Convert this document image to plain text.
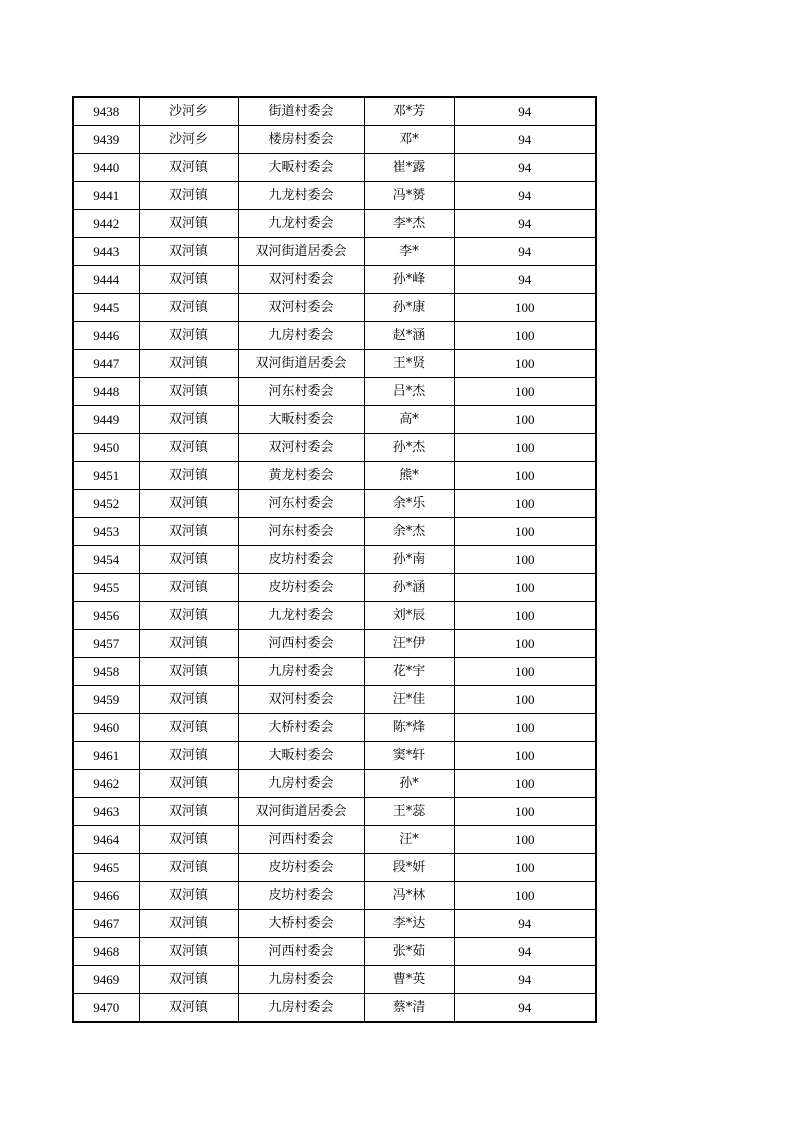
9438	沙河乡	街道村委会	邓*芳	94
9439	沙河乡	楼房村委会	邓*	94
9440	双河镇	大畈村委会	崔*露	94
9441	双河镇	九龙村委会	冯*赟	94
9442	双河镇	九龙村委会	李*杰	94
9443	双河镇	双河街道居委会	李*	94
9444	双河镇	双河村委会	孙*峰	94
9445	双河镇	双河村委会	孙*康	100
9446	双河镇	九房村委会	赵*涵	100
9447	双河镇	双河街道居委会	王*贤	100
9448	双河镇	河东村委会	吕*杰	100
9449	双河镇	大畈村委会	高*	100
9450	双河镇	双河村委会	孙*杰	100
9451	双河镇	黄龙村委会	熊*	100
9452	双河镇	河东村委会	余*乐	100
9453	双河镇	河东村委会	余*杰	100
9454	双河镇	皮坊村委会	孙*南	100
9455	双河镇	皮坊村委会	孙*涵	100
9456	双河镇	九龙村委会	刘*辰	100
9457	双河镇	河西村委会	汪*伊	100
9458	双河镇	九房村委会	花*宇	100
9459	双河镇	双河村委会	汪*佳	100
9460	双河镇	大桥村委会	陈*烽	100
9461	双河镇	大畈村委会	窦*轩	100
9462	双河镇	九房村委会	孙*	100
9463	双河镇	双河街道居委会	王*蕊	100
9464	双河镇	河西村委会	汪*	100
9465	双河镇	皮坊村委会	段*妍	100
9466	双河镇	皮坊村委会	冯*林	100
9467	双河镇	大桥村委会	李*达	94
9468	双河镇	河西村委会	张*茹	94
9469	双河镇	九房村委会	曹*英	94
9470	双河镇	九房村委会	蔡*清	94
